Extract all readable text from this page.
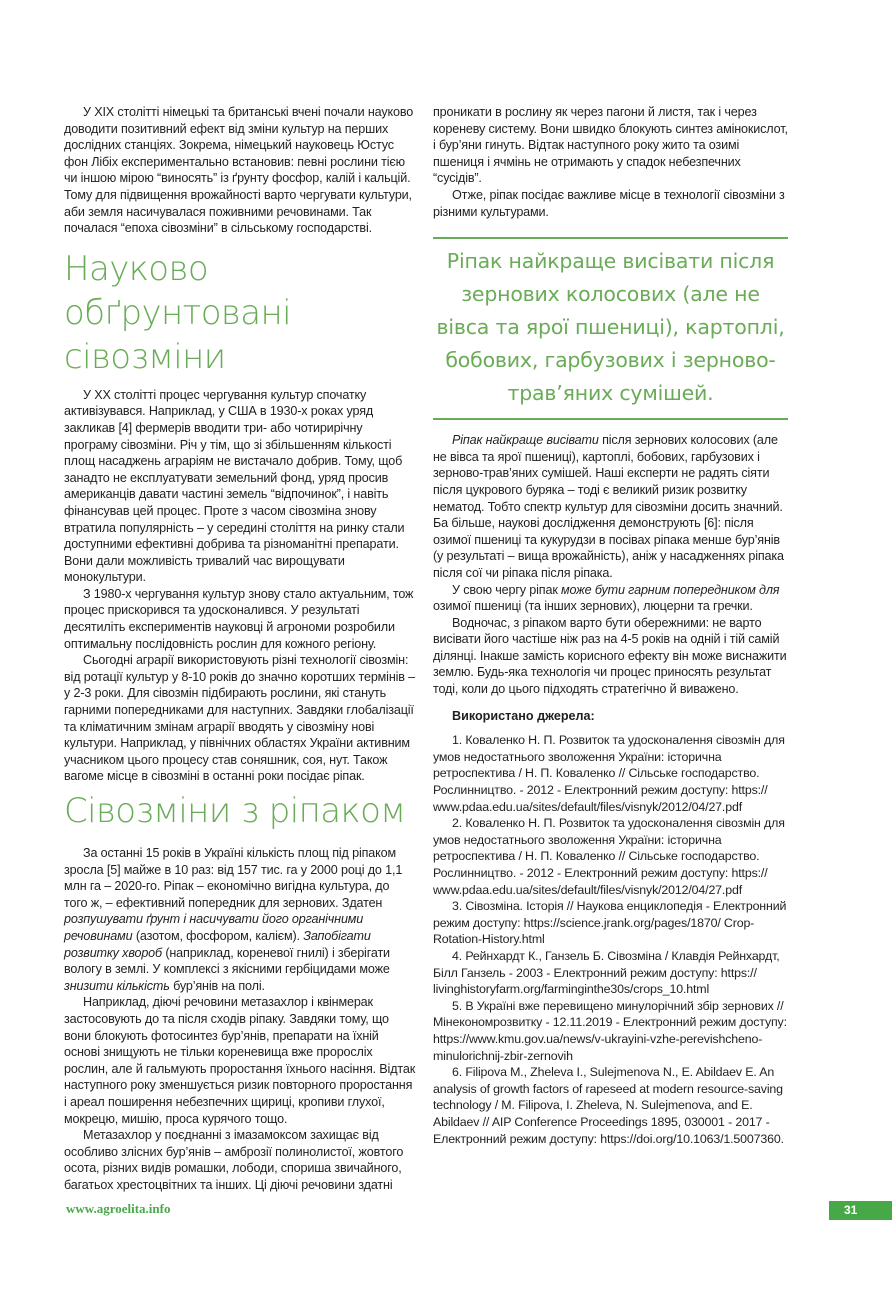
У XIX столітті німецькі та британські вчені почали науково доводити позитивний ефект від зміни культур на перших дослідних станціях. Зокрема, німецький науковець Юстус фон Лібіх експериментально встановив: певні рослини тією чи іншою мірою “виносять” із ґрунту фосфор, калій і кальцій. Тому для підвищення врожайності варто чергувати культури, аби земля насичувалася поживними речовинами. Так почалася “епоха сівозміни” в сільському господарстві.

Науково обґрунтовані сівозміни

У XX столітті процес чергування культур спочатку активізувався. Наприклад, у США в 1930-х роках уряд закликав [4] фермерів вводити три- або чотирирічну програму сівозміни. Річ у тім, що зі збільшенням кількості площ насаджень аграріям не вистачало добрив. Тому, щоб занадто не експлуатувати земельний фонд, уряд просив американців давати частині земель “відпочинок”, і навіть фінансував цей процес. Проте з часом сівозміна знову втратила популярність – у середині століття на ринку стали доступними ефективні добрива та різноманітні препарати. Вони дали можливість тривалий час вирощувати монокультури.

З 1980-х чергування культур знову стало актуальним, тож процес прискорився та удосконалився. У результаті десятиліть експериментів науковці й агрономи розробили оптимальну послідовність рослин для кожного регіону.

Сьогодні аграрії використовують різні технології сівозмін: від ротації культур у 8-10 років до значно коротших термінів – у 2-3 роки. Для сівозмін підбирають рослини, які стануть гарними попередниками для наступних. Завдяки глобалізації та кліматичним змінам аграрії вводять у сівозміну нові культури. Наприклад, у північних областях України активним учасником цього процесу став соняшник, соя, нут. Також вагоме місце в сівозміні в останні роки посідає ріпак.

Сівозміни з ріпаком

За останні 15 років в Україні кількість площ під ріпаком зросла [5] майже в 10 раз: від 157 тис. га у 2000 році до 1,1 млн га – 2020-го. Ріпак – економічно вигідна культура, до того ж, – ефективний попередник для зернових. Здатен розпушувати ґрунт і насичувати його органічними речовинами (азотом, фосфором, калієм). Запобігати розвитку хвороб (наприклад, кореневої гнилі) і зберігати вологу в землі. У комплексі з якісними гербіцидами може знизити кількість бур’янів на полі.

Наприклад, діючі речовини метазахлор і квінмерак застосовують до та після сходів ріпаку. Завдяки тому, що вони блокують фотосинтез бур’янів, препарати на їхній основі знищують не тільки кореневища вже проросліх рослин, але й гальмують проростання їхнього насіння. Відтак наступного року зменшується ризик повторного проростання і ареал поширення небезпечних щириці, кропиви глухої, мокрецю, мишію, проса курячого тощо.

Метазахлор у поєднанні з імазамоксом захищає від особливо злісних бур’янів – амброзії полинолистої, жовтого осота, різних видів ромашки, лободи, спориша звичайного, багатьох хрестоцвітних та інших. Ці діючі речовини здатні

проникати в рослину як через пагони й листя, так і через кореневу систему. Вони швидко блокують синтез амінокислот, і бур’яни гинуть. Відтак наступного року жито та озимі пшениця і ячмінь не отримають у спадок небезпечних “сусідів”.

Отже, ріпак посідає важливе місце в технології сівозміни з різними культурами.

Ріпак найкраще висівати після зернових колосових (але не вівса та ярої пшениці), картоплі, бобових, гарбузових і зерново-трав’яних сумішей.

Ріпак найкраще висівати після зернових колосових (але не вівса та ярої пшениці), картоплі, бобових, гарбузових і зерново-трав’яних сумішей. Наші експерти не радять сіяти після цукрового буряка – тоді є великий ризик розвитку нематод. Тобто спектр культур для сівозміни досить значний. Ба більше, наукові дослідження демонструють [6]: після озимої пшениці та кукурудзи в посівах ріпака менше бур’янів (у результаті – вища врожайність), аніж у насадженнях ріпака після сої чи ріпака після ріпака.

У свою чергу ріпак може бути гарним попередником для озимої пшениці (та інших зернових), люцерни та гречки.

Водночас, з ріпаком варто бути обережними: не варто висівати його частіше ніж раз на 4-5 років на одній і тій самій ділянці. Інакше замість корисного ефекту він може виснажити землю. Будь-яка технологія чи процес приносять результат тоді, коли до цього підходять стратегічно й виважено.

Використано джерела:

1. Коваленко Н. П. Розвиток та удосконалення сівозмін для умов недостатнього зволоження України: історична ретроспектива / Н. П. Коваленко // Сільське господарство. Рослинництво. - 2012 - Електронний режим доступу: https:// www.pdaa.edu.ua/sites/default/files/visnyk/2012/04/27.pdf

2. Коваленко Н. П. Розвиток та удосконалення сівозмін для умов недостатнього зволоження України: історична ретроспектива / Н. П. Коваленко // Сільське господарство. Рослинництво. - 2012 - Електронний режим доступу: https:// www.pdaa.edu.ua/sites/default/files/visnyk/2012/04/27.pdf

3. Сівозміна. Історія // Наукова енциклопедія - Електронний режим доступу: https://science.jrank.org/pages/1870/ Crop-Rotation-History.html

4. Рейнхардт К., Ганзель Б. Сівозміна / Клавдія Рейнхардт, Білл Ганзель - 2003 - Електронний режим доступу: https:// livinghistoryfarm.org/farminginthe30s/crops_10.html

5. В Україні вже перевищено минулорічний збір зернових // Мінекономрозвитку - 12.11.2019 - Електронний режим доступу: https://www.kmu.gov.ua/news/v-ukrayini-vzhe-perevishcheno-minulorichnij-zbir-zernovih

6. Filipova M., Zheleva I., Sulejmenova N., E. Abildaev E. An analysis of growth factors of rapeseed at modern resource-saving technology / M. Filipova, I. Zheleva, N. Sulejmenova, and E. Abildaev // AIP Conference Proceedings 1895, 030001 - 2017 - Електронний режим доступу: https://doi.org/10.1063/1.5007360.

www.agroelita.info	31
